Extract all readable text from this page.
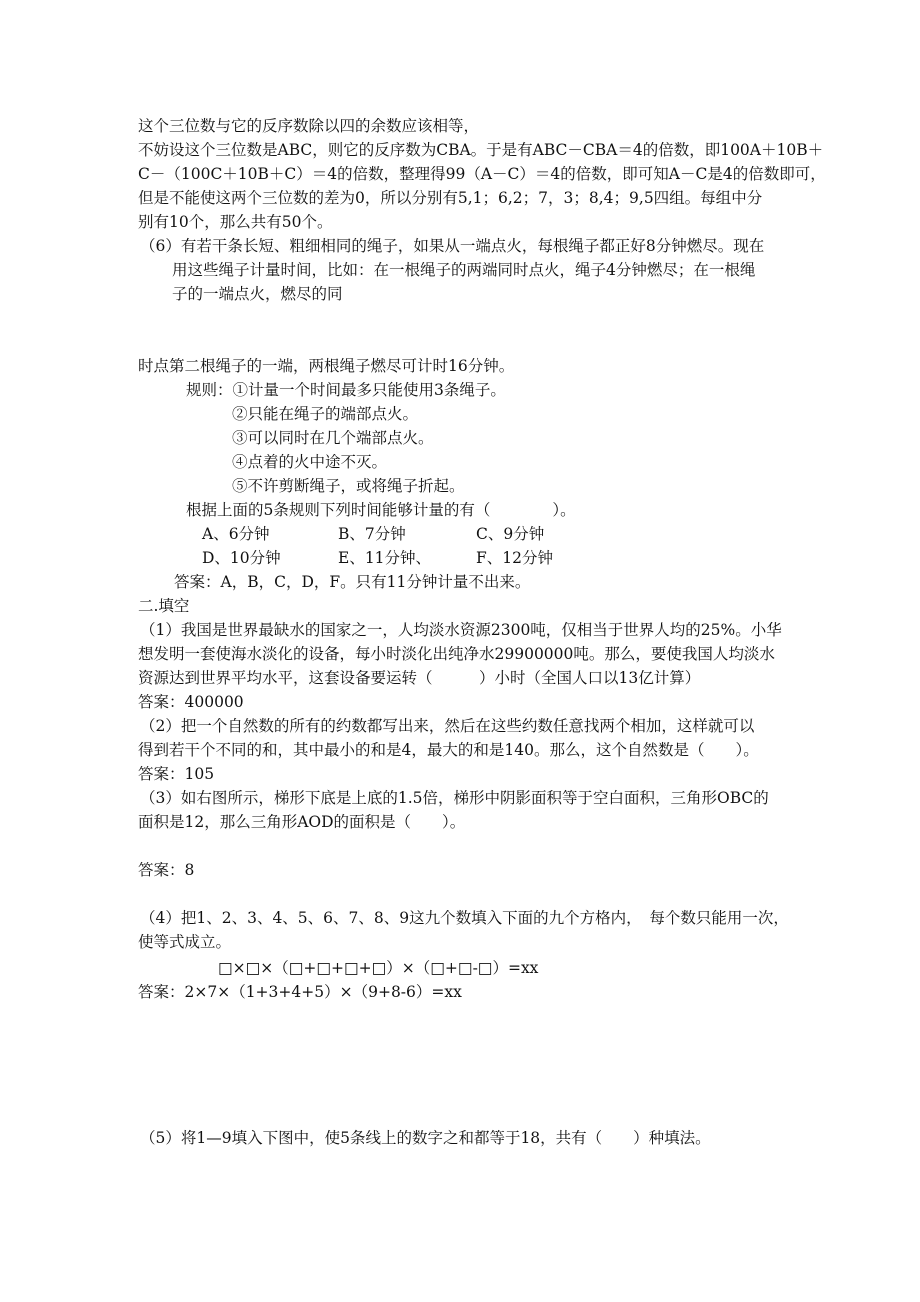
这个三位数与它的反序数除以四的余数应该相等，
不妨设这个三位数是ABC，则它的反序数为CBA。于是有ABC－CBA＝4的倍数，即100A＋10B＋
C－（100C＋10B＋C）＝4的倍数，整理得99（A－C）＝4的倍数，即可知A－C是4的倍数即可，
但是不能使这两个三位数的差为0，所以分别有5,1；6,2；7，3；8,4；9,5四组。每组中分
别有10个，那么共有50个。
（6）有若干条长短、粗细相同的绳子，如果从一端点火，每根绳子都正好8分钟燃尽。现在
用这些绳子计量时间，比如：在一根绳子的两端同时点火，绳子4分钟燃尽；在一根绳
子的一端点火，燃尽的同
时点第二根绳子的一端，两根绳子燃尽可计时16分钟。
规则：①计量一个时间最多只能使用3条绳子。
②只能在绳子的端部点火。
③可以同时在几个端部点火。
④点着的火中途不灭。
⑤不许剪断绳子，或将绳子折起。
根据上面的5条规则下列时间能够计量的有（　　　　）。
A、6分钟	B、7分钟	C、9分钟
D、10分钟	E、11分钟、	F、12分钟
答案：A，B，C，D，F。只有11分钟计量不出来。
二.填空
（1）我国是世界最缺水的国家之一，人均淡水资源2300吨，仅相当于世界人均的25%。小华
想发明一套使海水淡化的设备，每小时淡化出纯净水29900000吨。那么，要使我国人均淡水
资源达到世界平均水平，这套设备要运转（　　　）小时（全国人口以13亿计算）
答案：400000
（2）把一个自然数的所有的约数都写出来，然后在这些约数任意找两个相加，这样就可以
得到若干个不同的和，其中最小的和是4，最大的和是140。那么，这个自然数是（　　）。
答案：105
（3）如右图所示，梯形下底是上底的1.5倍，梯形中阴影面积等于空白面积，三角形OBC的
面积是12，那么三角形AOD的面积是（　　）。
答案：8
（4）把1、2、3、4、5、6、7、8、9这九个数填入下面的九个方格内，　每个数只能用一次，
使等式成立。
□×□×（□+□+□+□）×（□+□-□）=xx
答案：2×7×（1+3+4+5）×（9+8-6）=xx
（5）将1—9填入下图中，使5条线上的数字之和都等于18，共有（　　）种填法。
